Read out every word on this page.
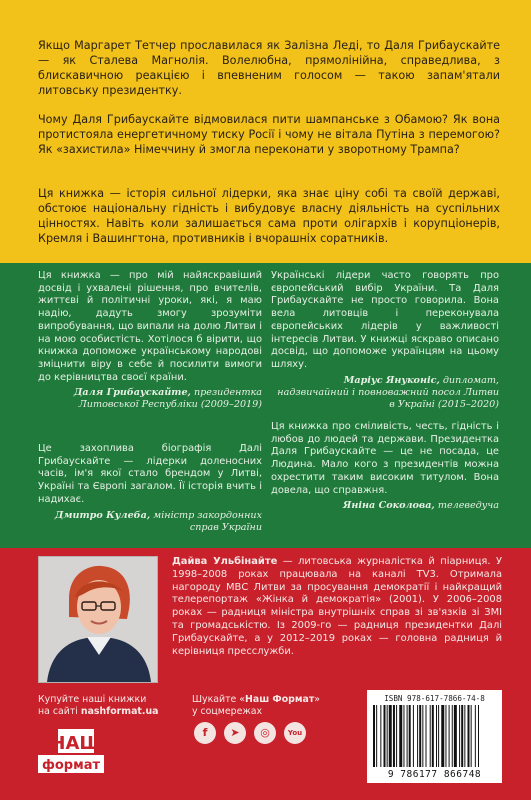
Якщо Маргарет Тетчер прославилася як Залізна Леді, то Даля Грибаускайте — як Сталева Магнолія. Волелюбна, прямолінійна, справедлива, з блискавичною реакцією і впевненим голосом — такою запам'ятали литовську президентку.

Чому Даля Грибаускайте відмовилася пити шампанське з Обамою? Як вона протистояла енергетичному тиску Росії і чому не вітала Путіна з перемогою? Як «захистила» Німеччину й змогла переконати у зворотному Трампа?

Ця книжка — історія сильної лідерки, яка знає ціну собі та своїй державі, обстоює національну гідність і вибудовує власну діяльність на суспільних цінностях. Навіть коли залишається сама проти олігархів і корупціонерів, Кремля і Вашингтона, противників і вчорашніх соратників.

Ця книжка — про мій найяскравіший досвід і ухвалені рішення, про вчителів, життєві й політичні уроки, які, я маю надію, дадуть змогу зрозуміти випробування, що випали на долю Литви і на мою особистість. Хотілося б вірити, що книжка допоможе українському народові зміцнити віру в себе й посилити вимоги до керівництва своєї країни.

Даля Грибаускайте, президентка Литовської Республіки (2009–2019)

Це захоплива біографія Далі Грибаускайте — лідерки доленосних часів, ім'я якої стало брендом у Литві, Україні та Європі загалом. Її історія вчить і надихає.

Дмитро Кулеба, міністр закордонних справ України

Українські лідери часто говорять про європейський вибір України. Та Даля Грибаускайте не просто говорила. Вона вела литовців і переконувала європейських лідерів у важливості інтересів Литви. У книжці яскраво описано досвід, що допоможе українцям на цьому шляху.

Маріус Януконіс, дипломат, надзвичайний і повноважний посол Литви в Україні (2015–2020)

Ця книжка про сміливість, честь, гідність і любов до людей та держави. Президентка Даля Грибаускайте — це не посада, це Людина. Мало кого з президентів можна охрестити таким високим титулом. Вона довела, що справжня.

Яніна Соколова, телеведуча

Дайва Ульбінайте — литовська журналістка й піарниця. У 1998–2008 роках працювала на каналі TV3. Отримала нагороду МВС Литви за просування демократії і найкращий телерепортаж «Жінка й демократія» (2001). У 2006–2008 роках — радниця міністра внутрішніх справ зі зв'язків зі ЗМІ та громадськістю. Із 2009-го — радниця президентки Далі Грибаускайте, а у 2012–2019 роках — головна радниця й керівниця пресслужби.

Купуйте наші книжки
на сайті nashformat.ua
НАШ
формат
Шукайте «Наш Формат»
у соцмережах
f	➤	◎	You
ISBN 978-617-7866-74-8
9 786177 866748
